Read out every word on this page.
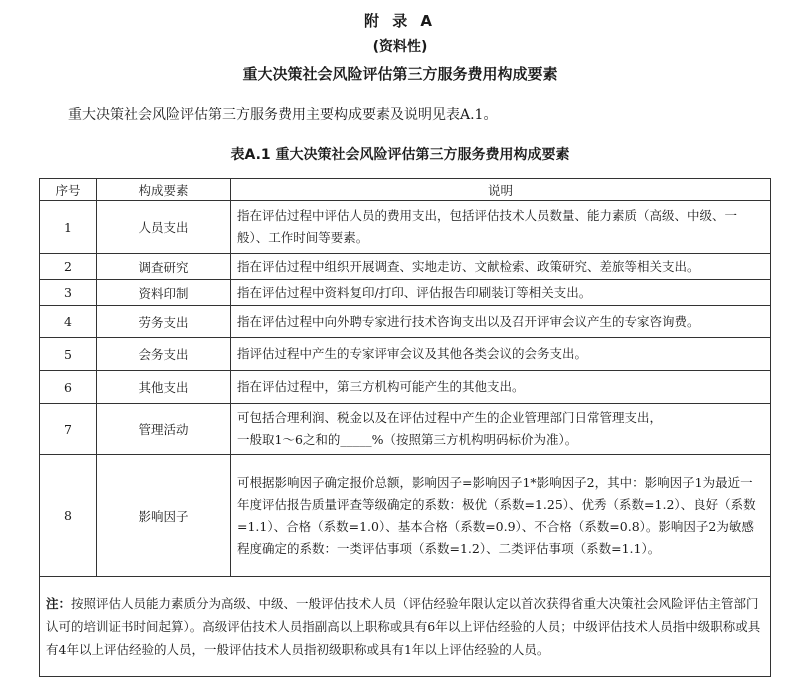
附 录 A
(资料性)
重大决策社会风险评估第三方服务费用构成要素
重大决策社会风险评估第三方服务费用主要构成要素及说明见表A.1。
表A.1 重大决策社会风险评估第三方服务费用构成要素
序号	构成要素	说明
1	人员支出	指在评估过程中评估人员的费用支出，包括评估技术人员数量、能力素质（高级、中级、一般）、工作时间等要素。
2	调查研究	指在评估过程中组织开展调查、实地走访、文献检索、政策研究、差旅等相关支出。
3	资料印制	指在评估过程中资料复印/打印、评估报告印刷装订等相关支出。
4	劳务支出	指在评估过程中向外聘专家进行技术咨询支出以及召开评审会议产生的专家咨询费。
5	会务支出	指评估过程中产生的专家评审会议及其他各类会议的会务支出。
6	其他支出	指在评估过程中，第三方机构可能产生的其他支出。
7	管理活动	可包括合理利润、税金以及在评估过程中产生的企业管理部门日常管理支出，
一般取1～6之和的_____%（按照第三方机构明码标价为准）。

8	影响因子	可根据影响因子确定报价总额，影响因子=影响因子1*影响因子2，其中：影响因子1为最近一年度评估报告质量评查等级确定的系数：极优（系数=1.25）、优秀（系数=1.2）、良好（系数=1.1）、合格（系数=1.0）、基本合格（系数=0.9）、不合格（系数=0.8）。影响因子2为敏感程度确定的系数：一类评估事项（系数=1.2）、二类评估事项（系数=1.1）。
注：按照评估人员能力素质分为高级、中级、一般评估技术人员（评估经验年限认定以首次获得省重大决策社会风险评估主管部门认可的培训证书时间起算）。高级评估技术人员指副高以上职称或具有6年以上评估经验的人员；中级评估技术人员指中级职称或具有4年以上评估经验的人员，一般评估技术人员指初级职称或具有1年以上评估经验的人员。		
